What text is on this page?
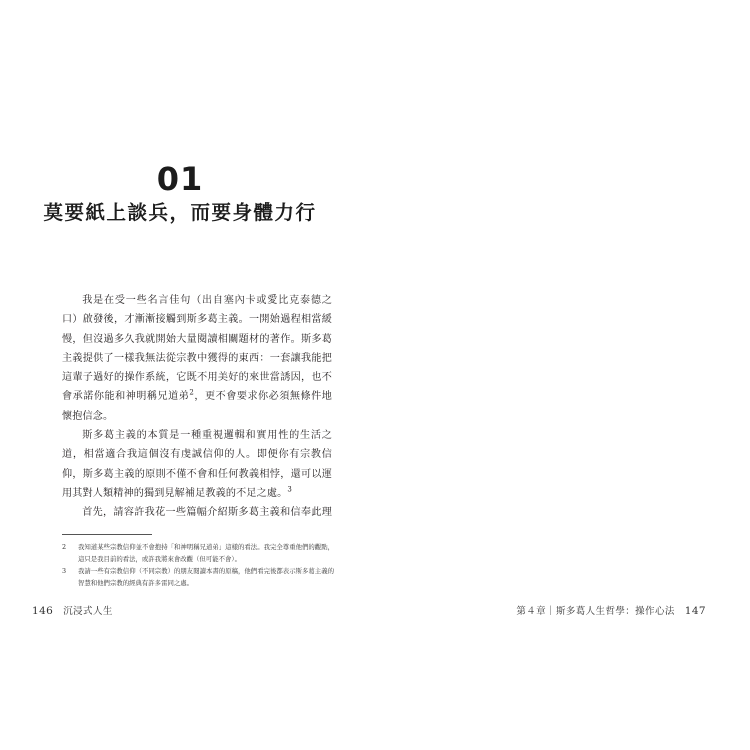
01
莫要紙上談兵，而要身體力行

我是在受一些名言佳句（出自塞內卡或愛比克泰德之口）啟發後，才漸漸接觸到斯多葛主義。一開始過程相當緩慢，但沒過多久我就開始大量閱讀相關題材的著作。斯多葛主義提供了一樣我無法從宗教中獲得的東西：一套讓我能把這輩子過好的操作系統，它既不用美好的來世當誘因，也不會承諾你能和神明稱兄道弟$^2$，更不會要求你必須無條件地懷抱信念。

斯多葛主義的本質是一種重視邏輯和實用性的生活之道，相當適合我這個沒有虔誠信仰的人。即便你有宗教信仰，斯多葛主義的原則不僅不會和任何教義相悖，還可以運用其對人類精神的獨到見解補足教義的不足之處。$^3$

首先，請容許我花一些篇幅介紹斯多葛主義和信奉此理

2 我知道某些宗教信仰並不會抱持「和神明稱兄道弟」這樣的看法。我完全尊重他們的觀點，這只是我目前的看法，或許我將來會改觀（但可能不會）。
3 我請一些有宗教信仰（不同宗教）的朋友閱讀本書的原稿，他們看完後都表示斯多葛主義的智慧和他們宗教的經典有許多雷同之處。
146 沉浸式人生	第４章｜斯多葛人生哲學：操作心法 147
